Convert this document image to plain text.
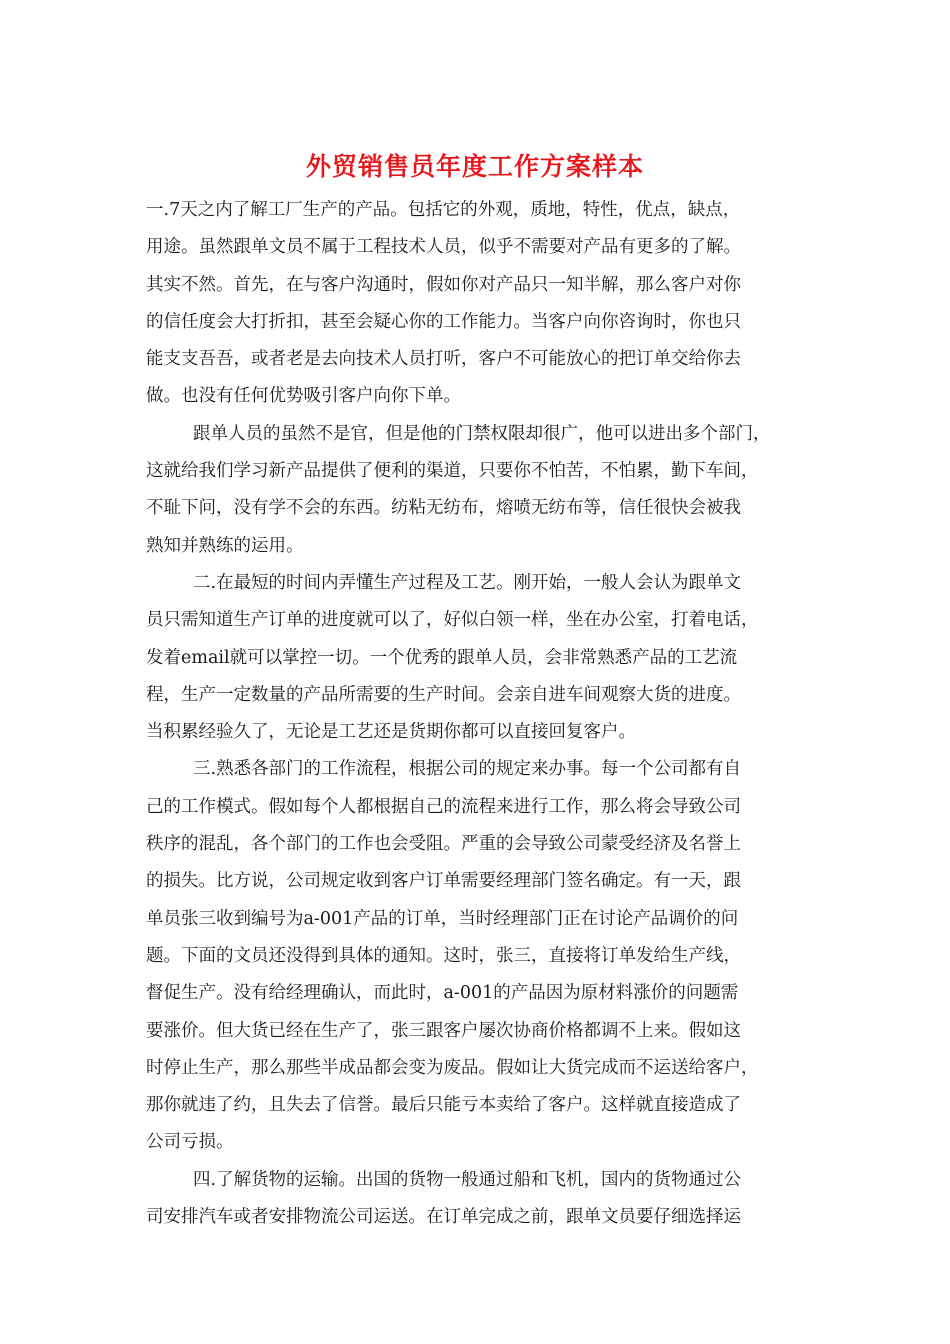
外贸销售员年度工作方案样本
一.7天之内了解工厂生产的产品。包括它的外观，质地，特性，优点，缺点，
用途。虽然跟单文员不属于工程技术人员，似乎不需要对产品有更多的了解。
其实不然。首先，在与客户沟通时，假如你对产品只一知半解，那么客户对你
的信任度会大打折扣，甚至会疑心你的工作能力。当客户向你咨询时，你也只
能支支吾吾，或者老是去向技术人员打听，客户不可能放心的把订单交给你去
做。也没有任何优势吸引客户向你下单。
跟单人员的虽然不是官，但是他的门禁权限却很广，他可以进出多个部门，
这就给我们学习新产品提供了便利的渠道，只要你不怕苦，不怕累，勤下车间，
不耻下问，没有学不会的东西。纺粘无纺布，熔喷无纺布等，信任很快会被我
熟知并熟练的运用。
二.在最短的时间内弄懂生产过程及工艺。刚开始，一般人会认为跟单文
员只需知道生产订单的进度就可以了，好似白领一样，坐在办公室，打着电话，
发着email就可以掌控一切。一个优秀的跟单人员，会非常熟悉产品的工艺流
程，生产一定数量的产品所需要的生产时间。会亲自进车间观察大货的进度。
当积累经验久了，无论是工艺还是货期你都可以直接回复客户。
三.熟悉各部门的工作流程，根据公司的规定来办事。每一个公司都有自
己的工作模式。假如每个人都根据自己的流程来进行工作，那么将会导致公司
秩序的混乱，各个部门的工作也会受阻。严重的会导致公司蒙受经济及名誉上
的损失。比方说，公司规定收到客户订单需要经理部门签名确定。有一天，跟
单员张三收到编号为a-001产品的订单，当时经理部门正在讨论产品调价的问
题。下面的文员还没得到具体的通知。这时，张三，直接将订单发给生产线，
督促生产。没有给经理确认，而此时，a-001的产品因为原材料涨价的问题需
要涨价。但大货已经在生产了，张三跟客户屡次协商价格都调不上来。假如这
时停止生产，那么那些半成品都会变为废品。假如让大货完成而不运送给客户，
那你就违了约，且失去了信誉。最后只能亏本卖给了客户。这样就直接造成了
公司亏损。
四.了解货物的运输。出国的货物一般通过船和飞机，国内的货物通过公
司安排汽车或者安排物流公司运送。在订单完成之前，跟单文员要仔细选择运
